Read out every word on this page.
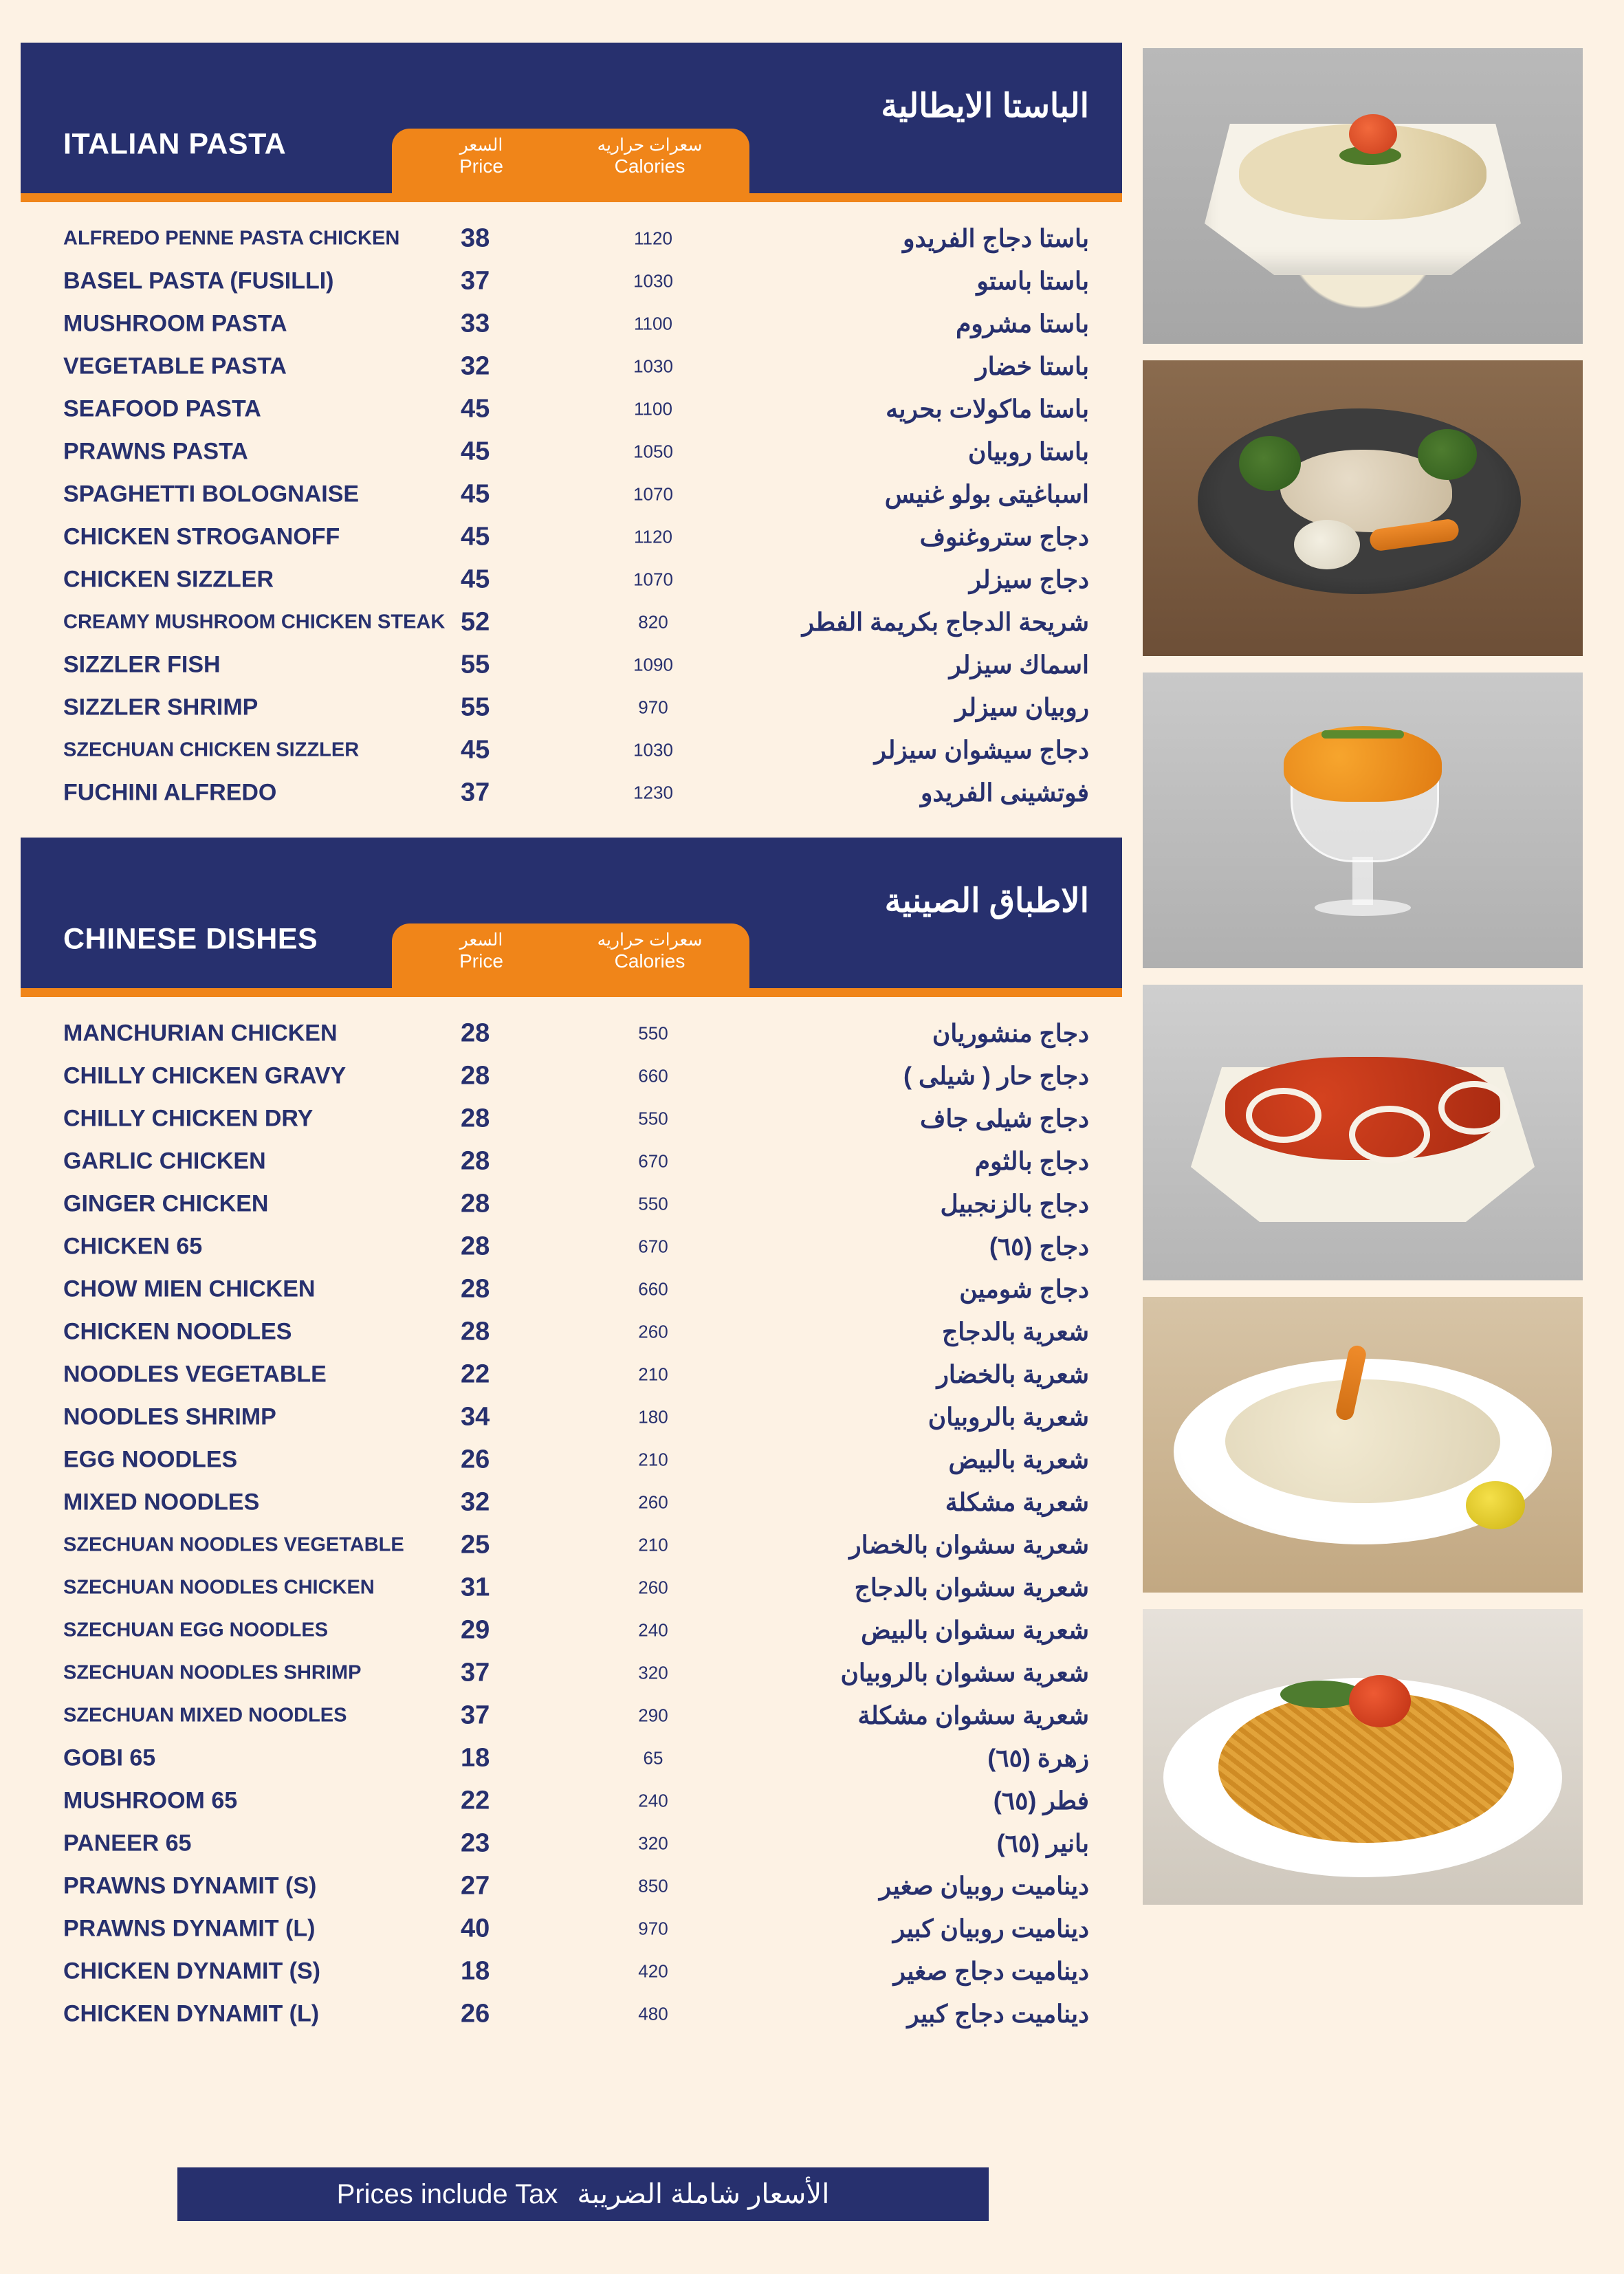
الباستا الايطالية
ITALIAN PASTA	السعر
Price
سعرات حراريه
Calories
ALFREDO PENNE PASTA CHICKEN 38	1120	باستا دجاج الفريدو
BASEL PASTA (FUSILLI)	37	1030	باستا باستو
MUSHROOM PASTA	33	1100	باستا مشروم
VEGETABLE PASTA	32	1030	باستا خضار
SEAFOOD PASTA	45	1100	باستا ماكولات بحريه
PRAWNS PASTA	45	1050	باستا روبيان
SPAGHETTI BOLOGNAISE	45	1070	اسباغيتى بولو غنيس
CHICKEN STROGANOFF	45	1120	دجاج ستروغنوف
CHICKEN SIZZLER	45	1070	دجاج سيزلر
CREAMY MUSHROOM CHICKEN STEAK 52	820	شريحة الدجاج بكريمة الفطر
SIZZLER FISH	55	1090	اسماك سيزلر
SIZZLER SHRIMP	55	970	روبيان سيزلر
SZECHUAN CHICKEN SIZZLER	45	1030	دجاج سيشوان سيزلر
FUCHINI ALFREDO	37	1230	فوتشينى الفريدو
الاطباق الصينية
CHINESE DISHES	السعر
Price
سعرات حراريه
Calories
MANCHURIAN CHICKEN	28	550	دجاج منشوريان
CHILLY CHICKEN GRAVY	28	660	دجاج حار ( شيلى )
CHILLY CHICKEN DRY	28	550	دجاج شيلى جاف
GARLIC CHICKEN	28	670	دجاج بالثوم
GINGER CHICKEN	28	550	دجاج بالزنجبيل
CHICKEN 65	28	670	دجاج (٦٥)
CHOW MIEN CHICKEN	28	660	دجاج شومين
CHICKEN NOODLES	28	260	شعرية بالدجاج
NOODLES VEGETABLE	22	210	شعرية بالخضار
NOODLES SHRIMP	34	180	شعرية بالروبيان
EGG NOODLES	26	210	شعرية بالبيض
MIXED NOODLES	32	260	شعرية مشكلة
SZECHUAN NOODLES VEGETABLE 25	210	شعرية سشوان بالخضار
SZECHUAN NOODLES CHICKEN	31	260	شعرية سشوان بالدجاج
SZECHUAN EGG NOODLES	29	240	شعرية سشوان بالبيض
SZECHUAN NOODLES SHRIMP	37	320	شعرية سشوان بالروبيان
SZECHUAN MIXED NOODLES	37	290	شعرية سشوان مشكلة
GOBI 65	18	65	زهرة (٦٥)
MUSHROOM 65	22	240	فطر (٦٥)
PANEER 65	23	320	بانير (٦٥)
PRAWNS DYNAMIT (S)	27	850	ديناميت روبيان صغير
PRAWNS DYNAMIT (L)	40	970	ديناميت روبيان كبير
CHICKEN DYNAMIT (S)	18	420	ديناميت دجاج صغير
CHICKEN DYNAMIT (L)	26	480	ديناميت دجاج كبير
Prices include Tax الأسعار شاملة الضريبة
